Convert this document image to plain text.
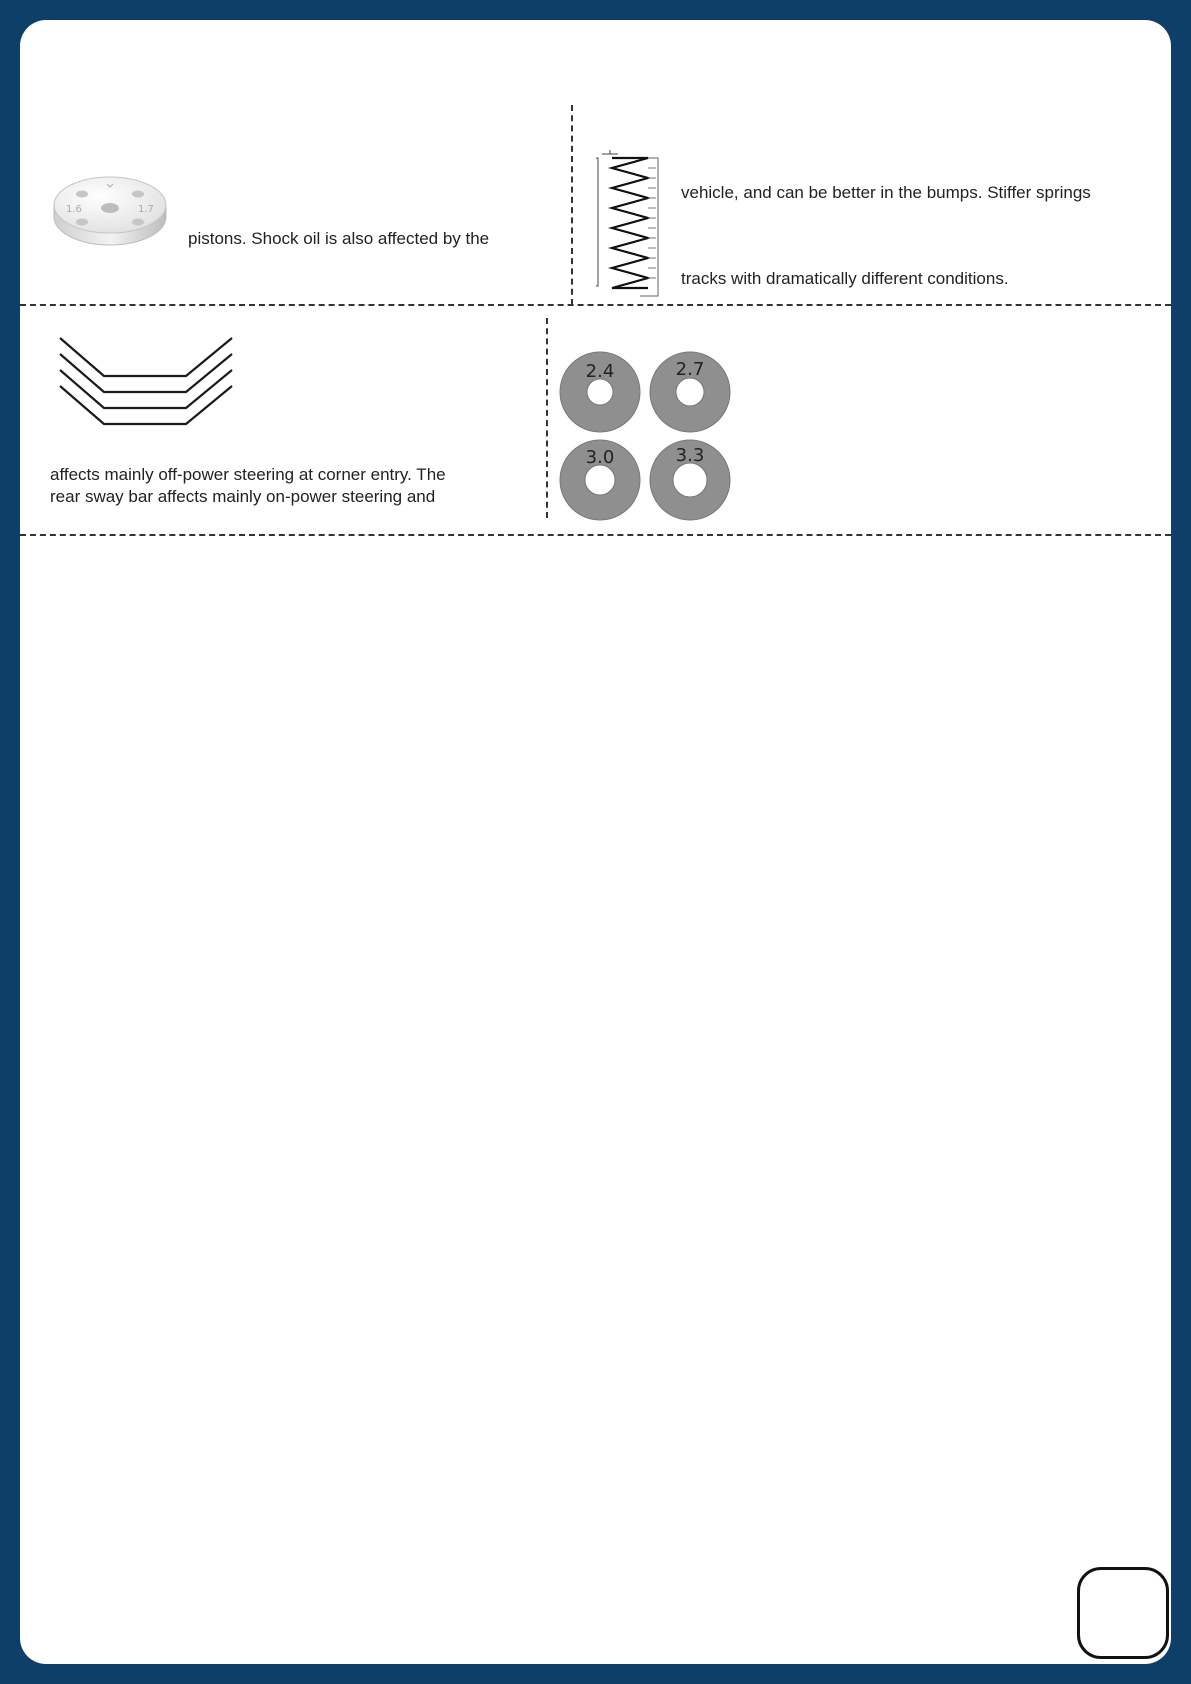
1.6	1.7
pistons. Shock oil is also affected by the
vehicle, and can be better in the bumps. Stiffer springs
tracks with dramatically different conditions.
affects mainly off-power steering at corner entry. The
rear sway bar affects mainly on-power steering and
2.4	2.7
3.0	3.3
